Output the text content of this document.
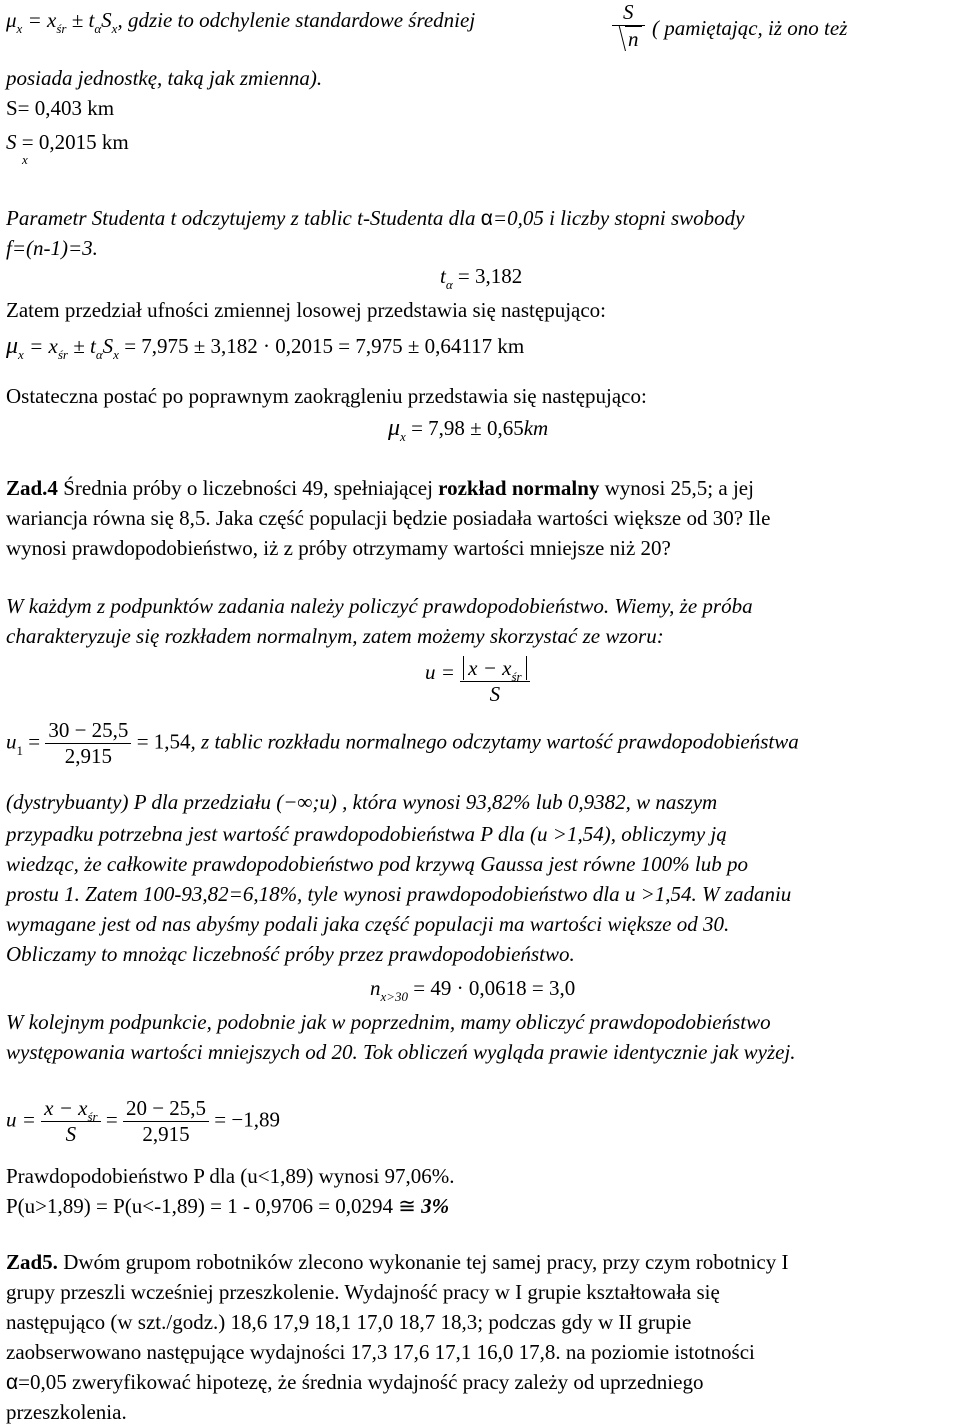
$\mu_x = x_{śr} \pm t_\alpha S_x$, gdzie to odchylenie standardowe średniej	$\frac{S}{n}$ ( pamiętając, iż ono też
posiada jednostkę, taką jak zmienna).
S= 0,403 km
S = 0,2015 km
x
Parametr Studenta t odczytujemy z tablic t-Studenta dla α=0,05 i liczby stopni swobody
f=(n-1)=3.
$t_\alpha = 3,182$
Zatem przedział ufności zmiennej losowej przedstawia się następująco:
$\mu_x = x_{śr} \pm t_\alpha S_x = 7,975 \pm 3,182 \cdot 0,2015 = 7,975 \pm 0,64117$ km
Ostateczna postać po poprawnym zaokrągleniu przedstawia się następująco:
$\mu_x = 7,98 \pm 0,65km$
Zad.4 Średnia próby o liczebności 49, spełniającej rozkład normalny wynosi 25,5; a jej
wariancja równa się 8,5. Jaka część populacji będzie posiadała wartości większe od 30? Ile
wynosi prawdopodobieństwo, iż z próby otrzymamy wartości mniejsze niż 20?
W każdym z podpunktów zadania należy policzyć prawdopodobieństwo. Wiemy, że próba
charakteryzuje się rozkładem normalnym, zatem możemy skorzystać ze wzoru:
$u = \frac{x - x_{śr}}{S}$
$u_1 = \frac{30 - 25,5}{2,915} = 1,54$, z tablic rozkładu normalnego odczytamy wartość prawdopodobieństwa
(dystrybuanty) P dla przedziału (−∞;u) , która wynosi 93,82% lub 0,9382, w naszym
przypadku potrzebna jest wartość prawdopodobieństwa P dla (u >1,54), obliczymy ją
wiedząc, że całkowite prawdopodobieństwo pod krzywą Gaussa jest równe 100% lub po
prostu 1. Zatem 100-93,82=6,18%, tyle wynosi prawdopodobieństwo dla u >1,54. W zadaniu
wymagane jest od nas abyśmy podali jaka część populacji ma wartości większe od 30.
Obliczamy to mnożąc liczebność próby przez prawdopodobieństwo.
$n_{x>30} = 49 \cdot 0,0618 = 3,0$
W kolejnym podpunkcie, podobnie jak w poprzednim, mamy obliczyć prawdopodobieństwo
występowania wartości mniejszych od 20. Tok obliczeń wygląda prawie identycznie jak wyżej.
$u = \frac{x - x_{śr}}{S} = \frac{20 - 25,5}{2,915} = -1,89$
Prawdopodobieństwo P dla (u<1,89) wynosi 97,06%.
P(u>1,89) = P(u<-1,89) = 1 - 0,9706 = 0,0294 ≅ 3%
Zad5. Dwóm grupom robotników zlecono wykonanie tej samej pracy, przy czym robotnicy I
grupy przeszli wcześniej przeszkolenie. Wydajność pracy w I grupie kształtowała się
następująco (w szt./godz.) 18,6 17,9 18,1 17,0 18,7 18,3; podczas gdy w II grupie
zaobserwowano następujące wydajności 17,3 17,6 17,1 16,0 17,8. na poziomie istotności
α=0,05 zweryfikować hipotezę, że średnia wydajność pracy zależy od uprzedniego
przeszkolenia.
